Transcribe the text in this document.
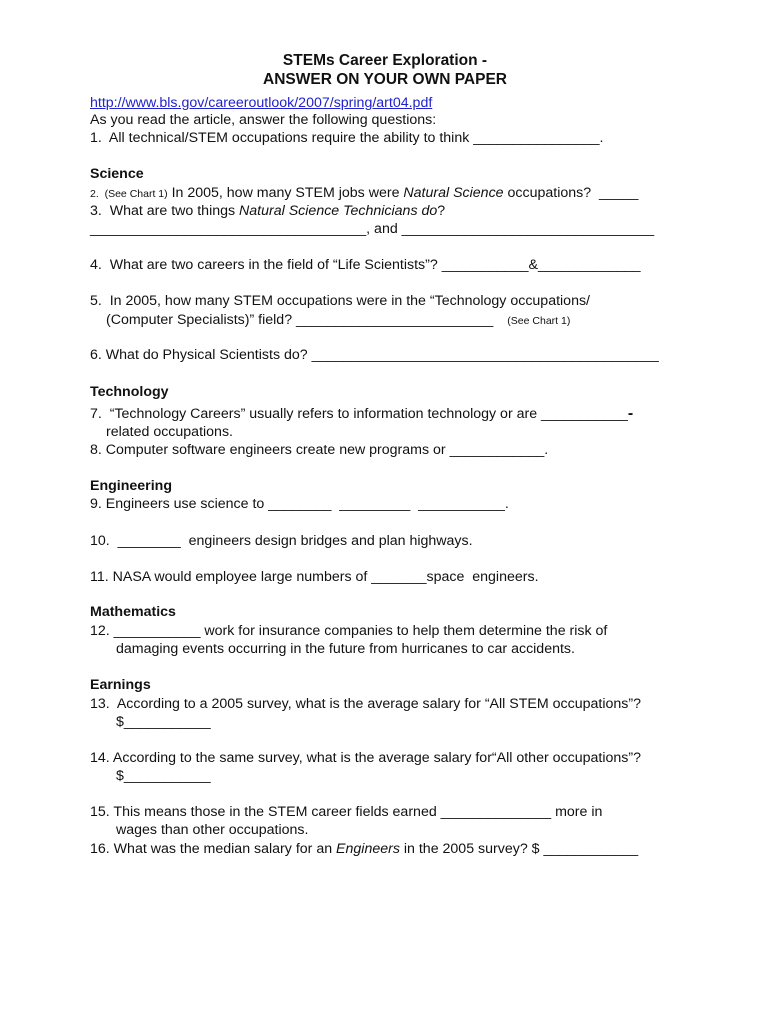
STEMs Career Exploration -
ANSWER ON YOUR OWN PAPER
http://www.bls.gov/careeroutlook/2007/spring/art04.pdf
As you read the article, answer the following questions:
1.  All technical/STEM occupations require the ability to think ________________.
Science
2.  (See Chart 1) In 2005, how many STEM jobs were Natural Science occupations?  _____
3.  What are two things Natural Science Technicians do?
___________________________________, and ________________________________
4.  What are two careers in the field of “Life Scientists”? ___________&_____________
5.  In 2005, how many STEM occupations were in the “Technology occupations/
(Computer Specialists)” field? _________________________ (See Chart 1)
6. What do Physical Scientists do? ____________________________________________
Technology
7.  “Technology Careers” usually refers to information technology or are ___________-
related occupations.
8. Computer software engineers create new programs or ____________.
Engineering
9. Engineers use science to ________  _________  ___________.
10.  ________  engineers design bridges and plan highways.
11. NASA would employee large numbers of _______space  engineers.
Mathematics
12. ___________ work for insurance companies to help them determine the risk of
damaging events occurring in the future from hurricanes to car accidents.
Earnings
13.  According to a 2005 survey, what is the average salary for “All STEM occupations”?
$___________
14. According to the same survey, what is the average salary for“All other occupations”?
$___________
15. This means those in the STEM career fields earned ______________ more in
wages than other occupations.
16. What was the median salary for an Engineers in the 2005 survey? $ ____________
